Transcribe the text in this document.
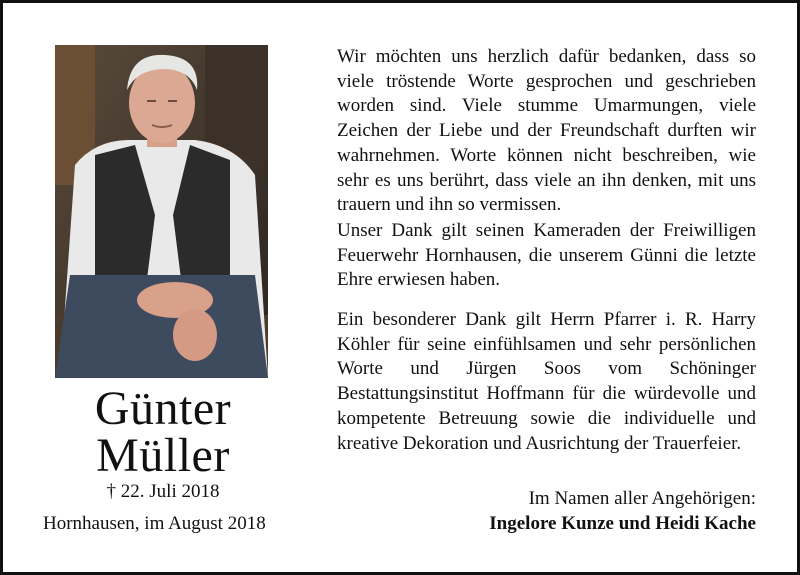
Günter
Müller
† 22. Juli 2018
Hornhausen, im August 2018

Wir möchten uns herzlich dafür bedanken, dass so viele tröstende Worte gesprochen und geschrieben worden sind. Viele stumme Umarmungen, viele Zeichen der Liebe und der Freundschaft durften wir wahrnehmen. Worte können nicht beschreiben, wie sehr es uns berührt, dass viele an ihn denken, mit uns trauern und ihn so vermissen.

Unser Dank gilt seinen Kameraden der Freiwilligen Feuerwehr Hornhausen, die unserem Günni die letzte Ehre erwiesen haben.

Ein besonderer Dank gilt Herrn Pfarrer i. R. Harry Köhler für seine einfühlsamen und sehr persönlichen Worte und Jürgen Soos vom Schöninger Bestattungsinstitut Hoffmann für die würdevolle und kompetente Betreuung sowie die individuelle und kreative Dekoration und Ausrichtung der Trauerfeier.

Im Namen aller Angehörigen:
Ingelore Kunze und Heidi Kache
